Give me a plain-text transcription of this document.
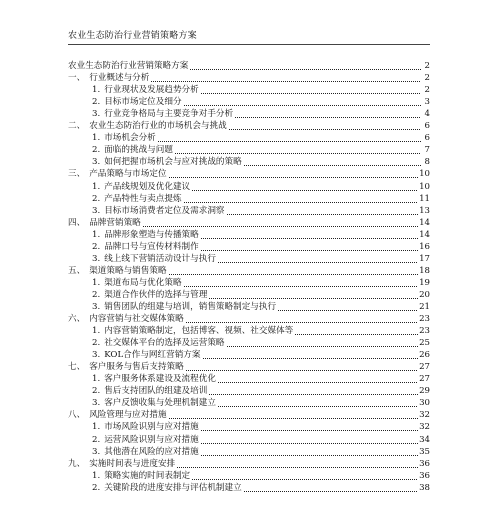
农业生态防治行业营销策略方案
农业生态防治行业营销策略方案	2
一、 行业概述与分析	2
1. 行业现状及发展趋势分析	2
2. 目标市场定位及细分	3
3. 行业竞争格局与主要竞争对手分析	4
二、 农业生态防治行业的市场机会与挑战	6
1. 市场机会分析	6
2. 面临的挑战与问题	7
3. 如何把握市场机会与应对挑战的策略	8
三、 产品策略与市场定位	10
1. 产品线规划及优化建议	10
2. 产品特性与卖点提炼	11
3. 目标市场消费者定位及需求洞察	13
四、 品牌营销策略	14
1. 品牌形象塑造与传播策略	14
2. 品牌口号与宣传材料制作	16
3. 线上线下营销活动设计与执行	17
五、 渠道策略与销售策略	18
1. 渠道布局与优化策略	19
2. 渠道合作伙伴的选择与管理	20
3. 销售团队的组建与培训，销售策略制定与执行	21
六、 内容营销与社交媒体策略	23
1. 内容营销策略制定，包括博客、视频、社交媒体等	23
2. 社交媒体平台的选择及运营策略	25
3. KOL合作与网红营销方案	26
七、 客户服务与售后支持策略	27
1. 客户服务体系建设及流程优化	27
2. 售后支持团队的组建及培训	29
3. 客户反馈收集与处理机制建立	30
八、 风险管理与应对措施	32
1. 市场风险识别与应对措施	32
2. 运营风险识别与应对措施	34
3. 其他潜在风险的应对措施	35
九、 实施时间表与进度安排	36
1. 策略实施的时间表制定	36
2. 关键阶段的进度安排与评估机制建立	38
